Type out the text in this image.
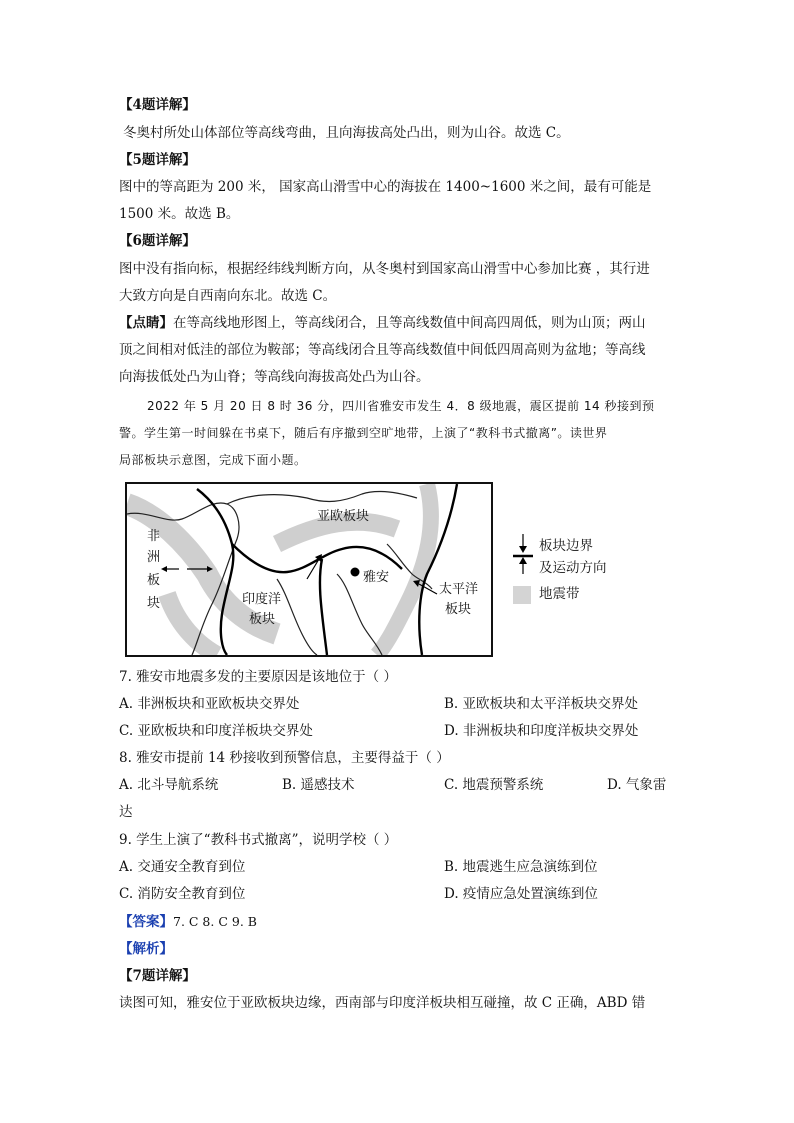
【4题详解】
冬奥村所处山体部位等高线弯曲，且向海拔高处凸出，则为山谷。故选 C。
【5题详解】
图中的等高距为 200 米， 国家高山滑雪中心的海拔在 1400~1600 米之间，最有可能是
1500 米。故选 B。
【6题详解】
图中没有指向标，根据经纬线判断方向，从冬奥村到国家高山滑雪中心参加比赛 ，其行进
大致方向是自西南向东北。故选 C。
【点睛】在等高线地形图上，等高线闭合，且等高线数值中间高四周低，则为山顶；两山
顶之间相对低洼的部位为鞍部；等高线闭合且等高线数值中间低四周高则为盆地；等高线
向海拔低处凸为山脊；等高线向海拔高处凸为山谷。
2022 年 5 月 20 日 8 时 36 分，四川省雅安市发生 4．8 级地震，震区提前 14 秒接到预
警。学生第一时间躲在书桌下，随后有序撤到空旷地带，上演了“教科书式撤离”。读世界
局部板块示意图，完成下面小题。
亚欧板块
非
洲
板
块	印度洋
板块
雅安
太平洋
板块
板块边界
及运动方向
地震带
7. 雅安市地震多发的主要原因是该地位于（ ）
A. 非洲板块和亚欧板块交界处	B. 亚欧板块和太平洋板块交界处
C. 亚欧板块和印度洋板块交界处	D. 非洲板块和印度洋板块交界处
8. 雅安市提前 14 秒接收到预警信息，主要得益于（ ）
A. 北斗导航系统	B. 遥感技术	C. 地震预警系统	D. 气象雷
达
9. 学生上演了“教科书式撤离”，说明学校（ ）
A. 交通安全教育到位	B. 地震逃生应急演练到位
C. 消防安全教育到位	D. 疫情应急处置演练到位
【答案】7. C 8. C 9. B
【解析】
【7题详解】
读图可知，雅安位于亚欧板块边缘，西南部与印度洋板块相互碰撞，故 C 正确，ABD 错
